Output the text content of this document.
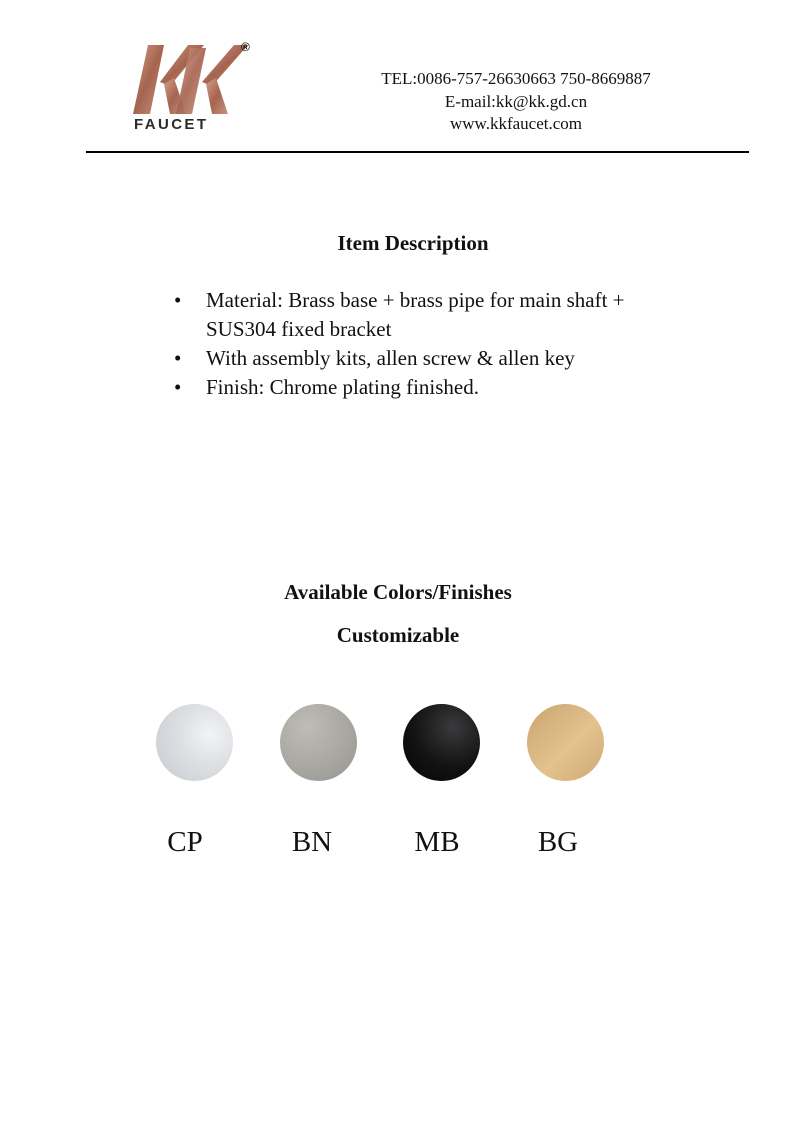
FAUCET
®
TEL:0086-757-26630663 750-8669887
E-mail:kk@kk.gd.cn
www.kkfaucet.com
Item Description
• Material: Brass base + brass pipe for main shaft + SUS304 fixed bracket
• With assembly kits, allen screw & allen key
• Finish: Chrome plating finished.
Available Colors/Finishes
Customizable
CP	BN	MB	BG
